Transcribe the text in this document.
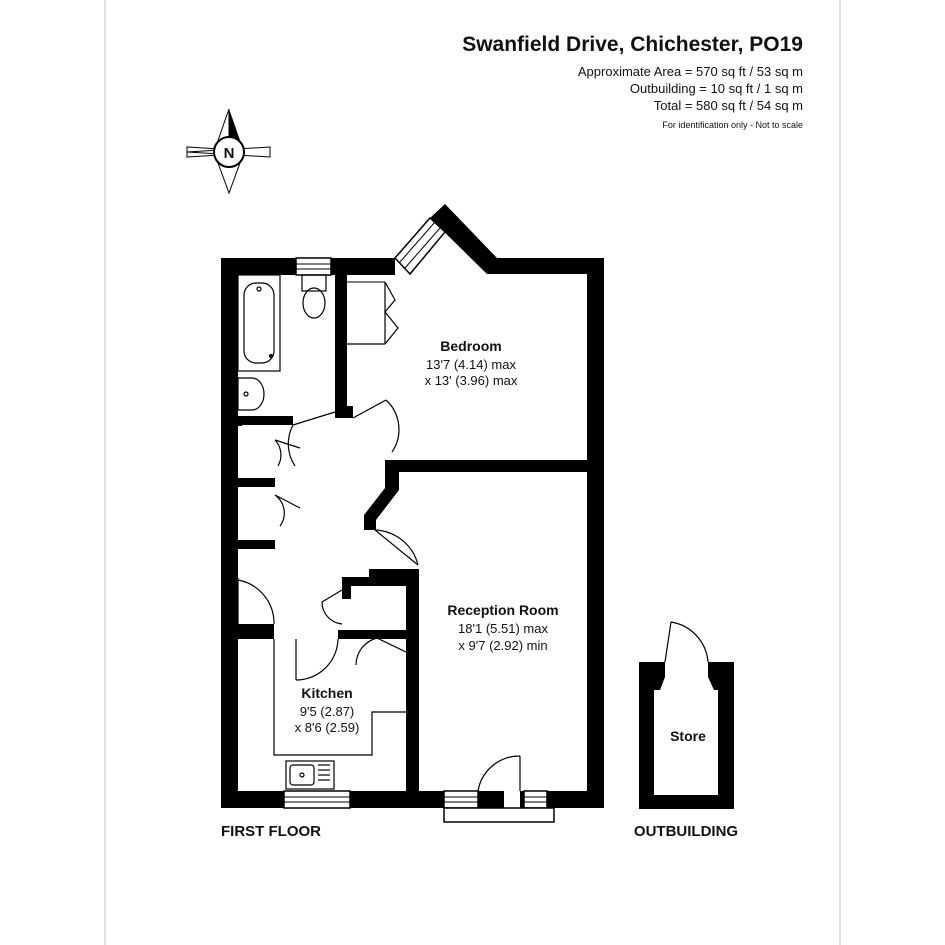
Swanfield Drive, Chichester, PO19
Approximate Area = 570 sq ft / 53 sq m
Outbuilding = 10 sq ft / 1 sq m
Total = 580 sq ft / 54 sq m
For identification only - Not to scale
N
Bedroom
13'7 (4.14) max
x 13' (3.96) max
Reception Room
18'1 (5.51) max
x 9'7 (2.92) min
Kitchen
9'5 (2.87)
x 8'6 (2.59)
Store
FIRST FLOOR	OUTBUILDING
